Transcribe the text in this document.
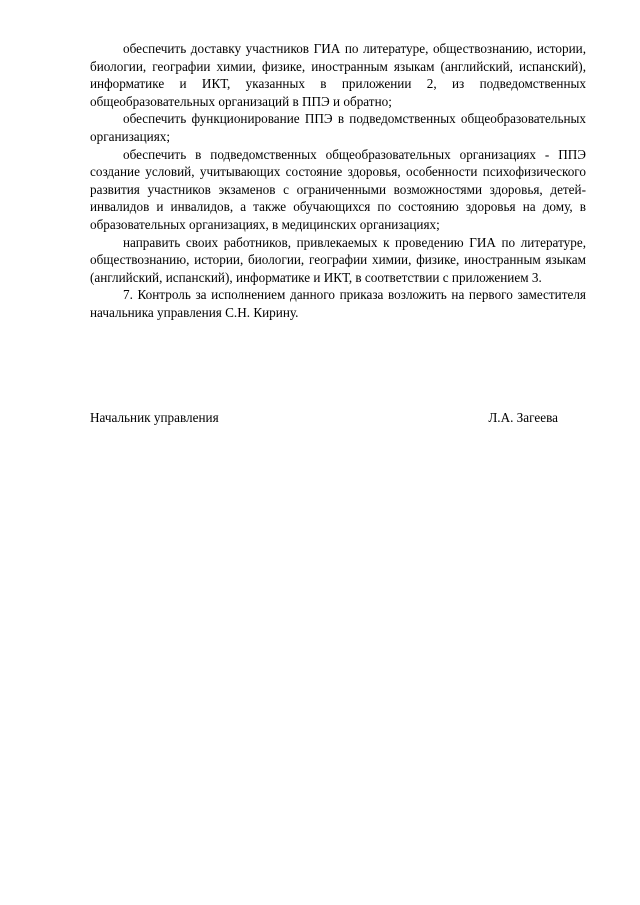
обеспечить доставку участников ГИА по литературе, обществознанию, истории, биологии, географии химии, физике, иностранным языкам (английский, испанский), информатике и ИКТ, указанных в приложении 2, из подведомственных общеобразовательных организаций в ППЭ и обратно;

обеспечить функционирование ППЭ в подведомственных общеобразовательных организациях;

обеспечить в подведомственных общеобразовательных организациях - ППЭ создание условий, учитывающих состояние здоровья, особенности психофизического развития участников экзаменов с ограниченными возможностями здоровья, детей-инвалидов и инвалидов, а также обучающихся по состоянию здоровья на дому, в образовательных организациях, в медицинских организациях;

направить своих работников, привлекаемых к проведению ГИА по литературе, обществознанию, истории, биологии, географии химии, физике, иностранным языкам (английский, испанский), информатике и ИКТ, в соответствии с приложением 3.

7. Контроль за исполнением данного приказа возложить на первого заместителя начальника управления С.Н. Кирину.

Начальник управления	Л.А. Загеева
